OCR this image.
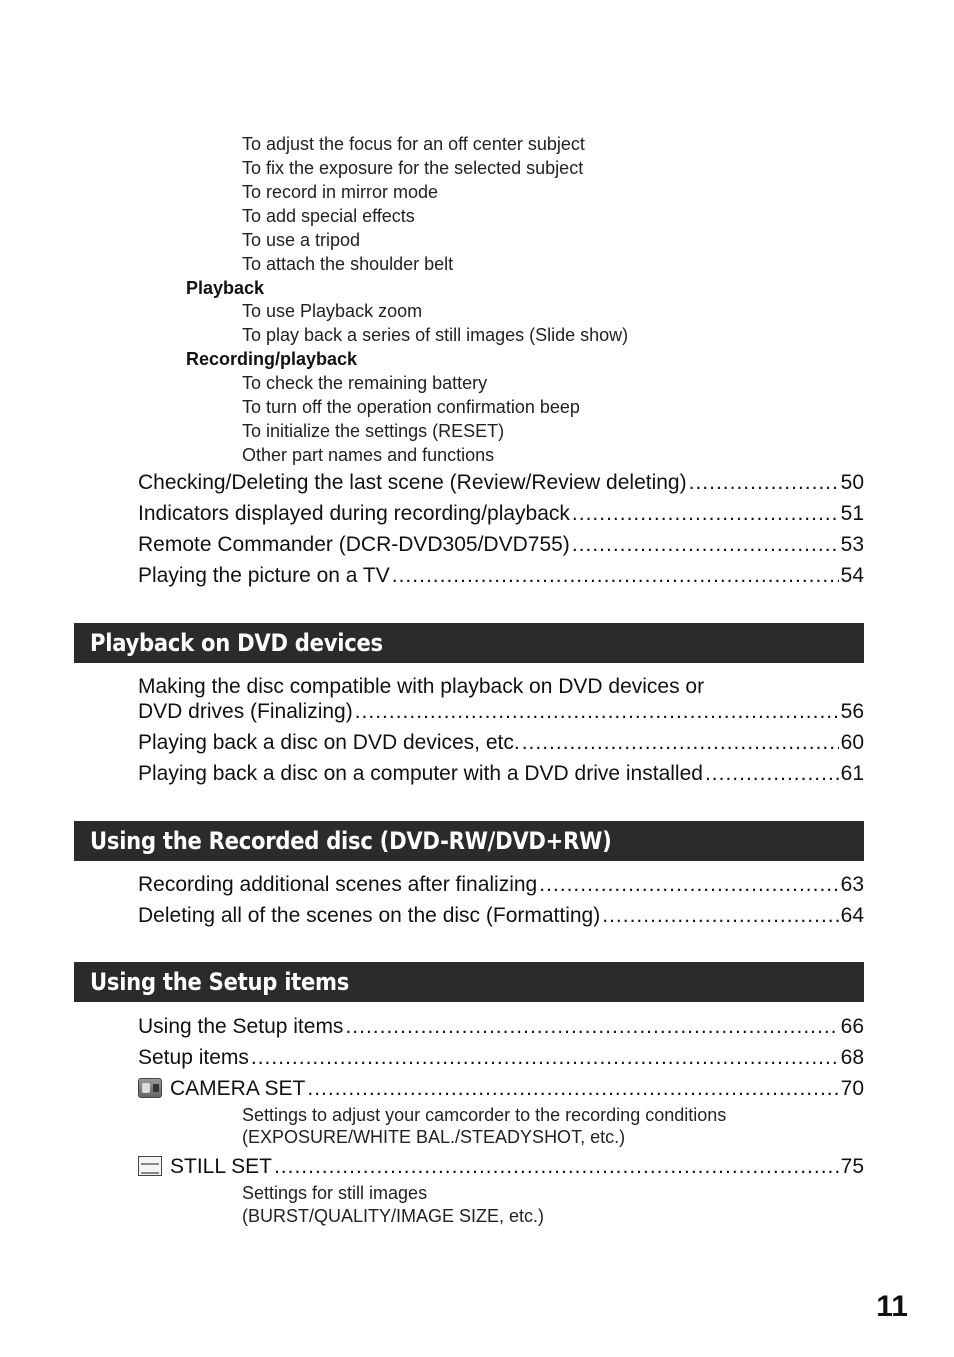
To adjust the focus for an off center subject
To fix the exposure for the selected subject
To record in mirror mode
To add special effects
To use a tripod
To attach the shoulder belt
Playback
To use Playback zoom
To play back a series of still images (Slide show)
Recording/playback
To check the remaining battery
To turn off the operation confirmation beep
To initialize the settings (RESET)
Other part names and functions
Checking/Deleting the last scene (Review/Review deleting) .....	50
Indicators displayed during recording/playback .....	51
Remote Commander (DCR-DVD305/DVD755) .....	53
Playing the picture on a TV .....	54
Playback on DVD devices
Making the disc compatible with playback on DVD devices or
DVD drives (Finalizing) .....	56
Playing back a disc on DVD devices, etc. .....	60
Playing back a disc on a computer with a DVD drive installed .....	61
Using the Recorded disc (DVD-RW/DVD+RW)
Recording additional scenes after finalizing .....	63
Deleting all of the scenes on the disc (Formatting) .....	64
Using the Setup items
Using the Setup items .....	66
Setup items .....	68
CAMERA SET .....	70
Settings to adjust your camcorder to the recording conditions
(EXPOSURE/WHITE BAL./STEADYSHOT, etc.)
STILL SET .....	75
Settings for still images
(BURST/QUALITY/IMAGE SIZE, etc.)
11
